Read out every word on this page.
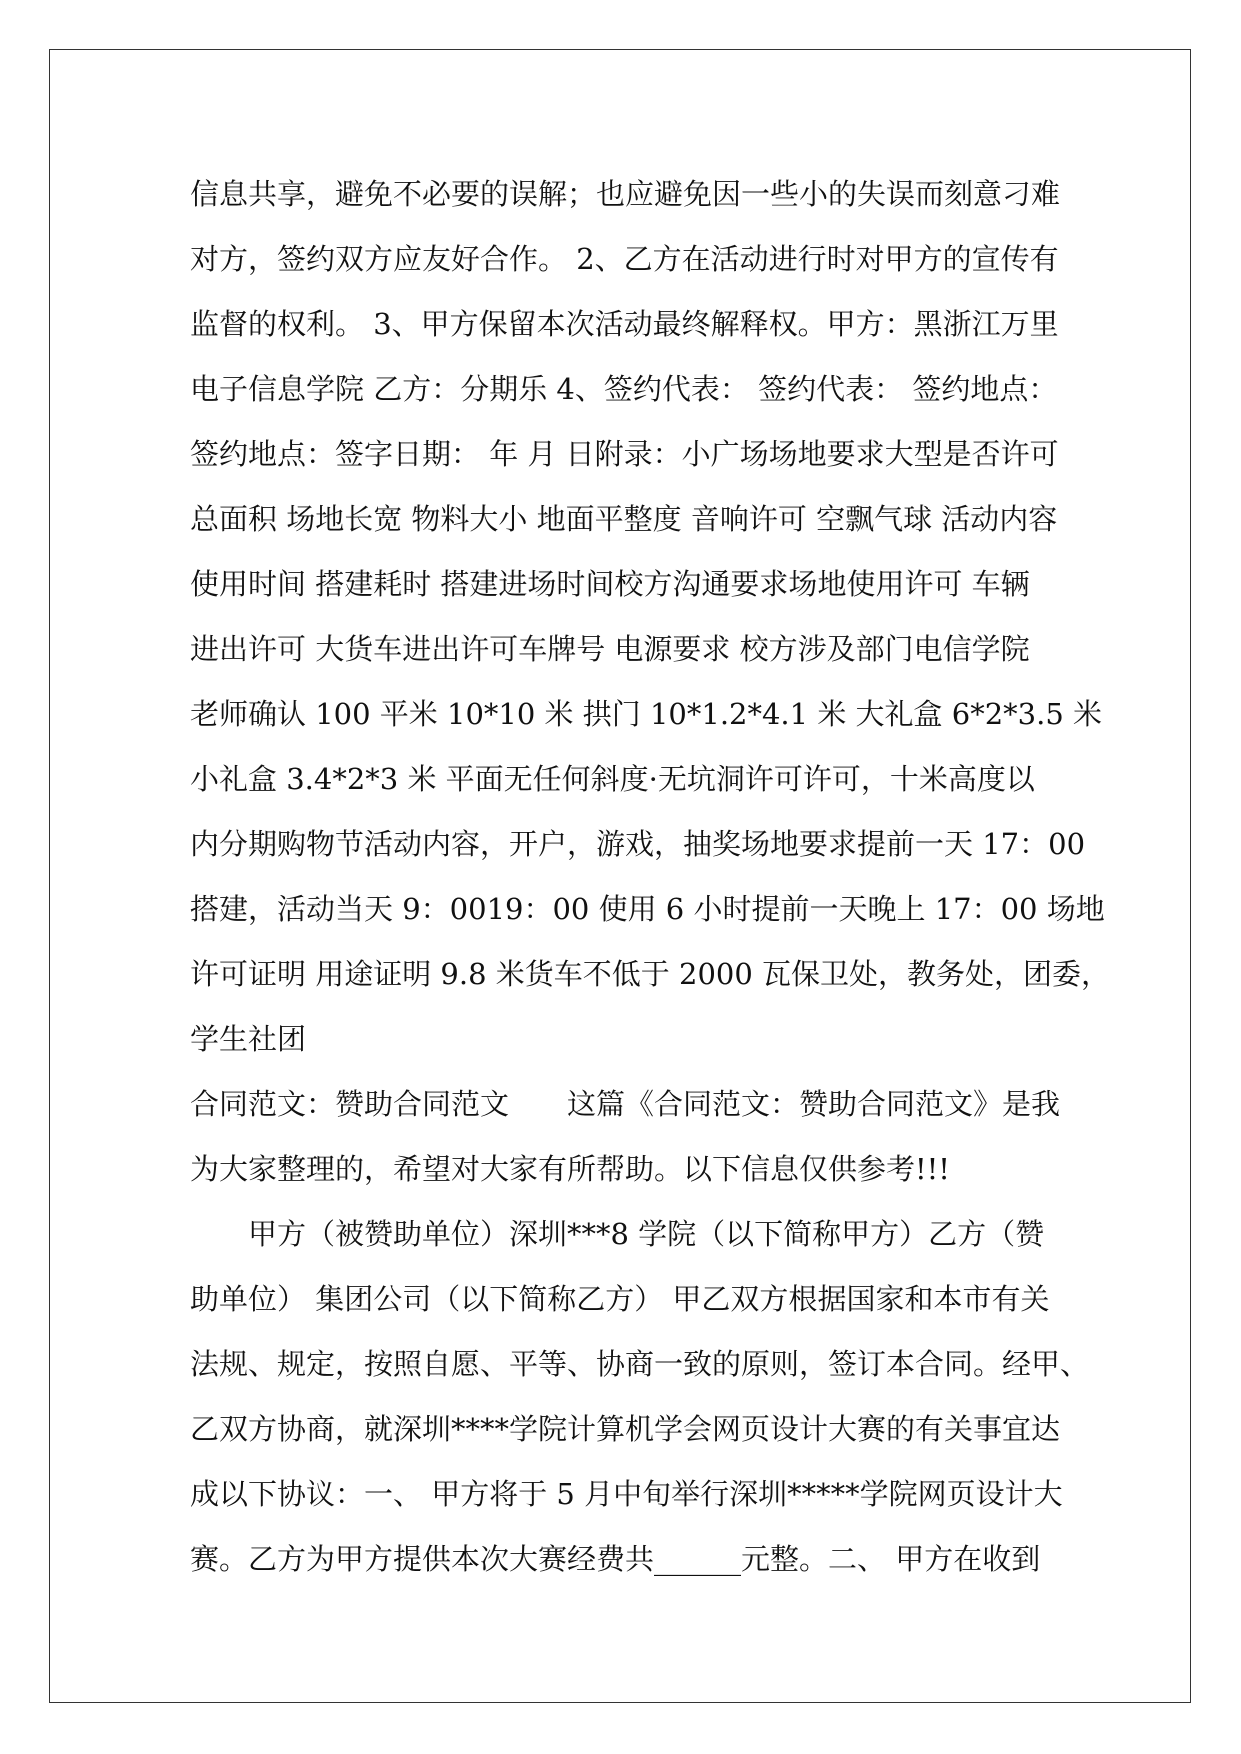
信息共享，避免不必要的误解；也应避免因一些小的失误而刻意刁难
对方，签约双方应友好合作。 2、乙方在活动进行时对甲方的宣传有
监督的权利。 3、甲方保留本次活动最终解释权。甲方：黑浙江万里
电子信息学院 乙方：分期乐 4、签约代表： 签约代表： 签约地点：
签约地点：签字日期： 年 月 日附录：小广场场地要求大型是否许可
总面积 场地长宽 物料大小 地面平整度 音响许可 空飘气球 活动内容
使用时间 搭建耗时 搭建进场时间校方沟通要求场地使用许可 车辆
进出许可 大货车进出许可车牌号 电源要求 校方涉及部门电信学院
老师确认 100 平米 10*10 米 拱门 10*1.2*4.1 米 大礼盒 6*2*3.5 米
小礼盒 3.4*2*3 米 平面无任何斜度·无坑洞许可许可，十米高度以
内分期购物节活动内容，开户，游戏，抽奖场地要求提前一天 17：00
搭建，活动当天 9：0019：00 使用 6 小时提前一天晚上 17：00 场地
许可证明 用途证明 9.8 米货车不低于 2000 瓦保卫处，教务处，团委，
学生社团
合同范文：赞助合同范文　　这篇《合同范文：赞助合同范文》是我
为大家整理的，希望对大家有所帮助。以下信息仅供参考!!!
甲方（被赞助单位）深圳***8 学院（以下简称甲方）乙方（赞
助单位） 集团公司（以下简称乙方） 甲乙双方根据国家和本市有关
法规、规定，按照自愿、平等、协商一致的原则，签订本合同。经甲、
乙双方协商，就深圳****学院计算机学会网页设计大赛的有关事宜达
成以下协议：一、 甲方将于 5 月中旬举行深圳*****学院网页设计大
赛。乙方为甲方提供本次大赛经费共______元整。二、 甲方在收到
